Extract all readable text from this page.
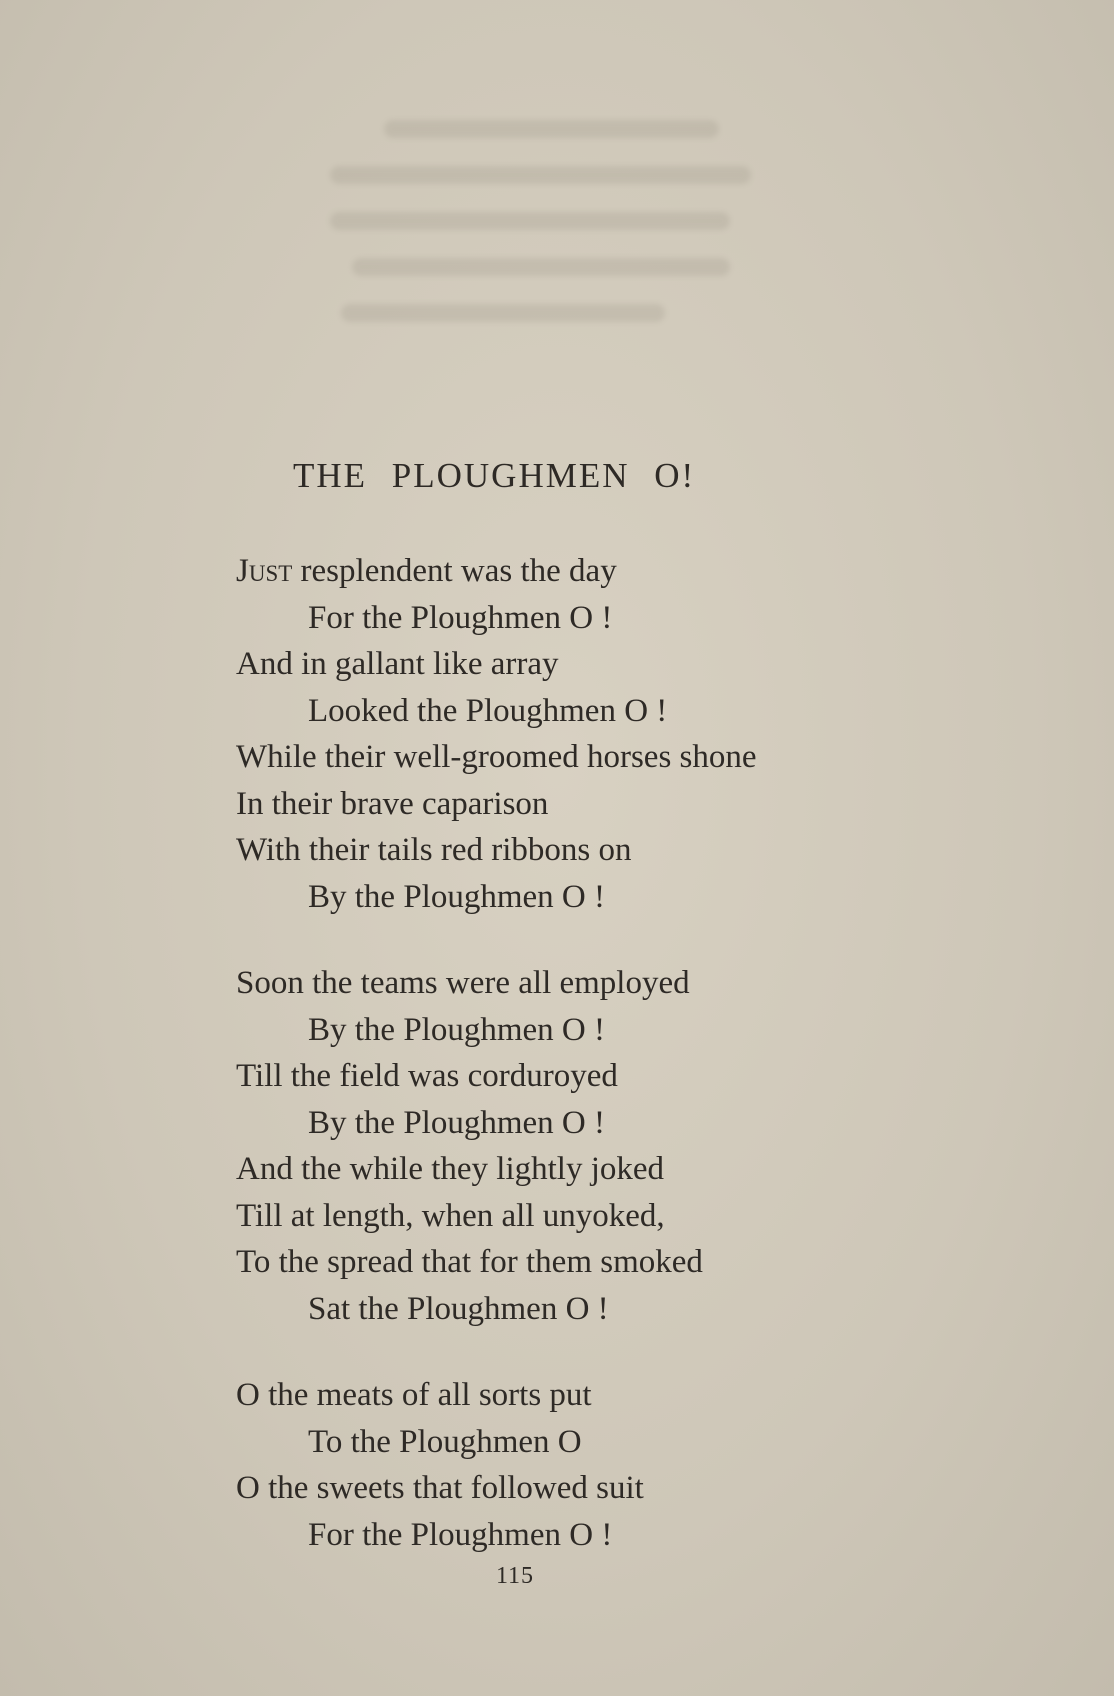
THE PLOUGHMEN O!
Just resplendent was the day
For the Ploughmen O !
And in gallant like array
Looked the Ploughmen O !
While their well-groomed horses shone
In their brave caparison
With their tails red ribbons on
By the Ploughmen O !
Soon the teams were all employed
By the Ploughmen O !
Till the field was corduroyed
By the Ploughmen O !
And the while they lightly joked
Till at length, when all unyoked,
To the spread that for them smoked
Sat the Ploughmen O !
O the meats of all sorts put
To the Ploughmen O
O the sweets that followed suit
For the Ploughmen O !
115
